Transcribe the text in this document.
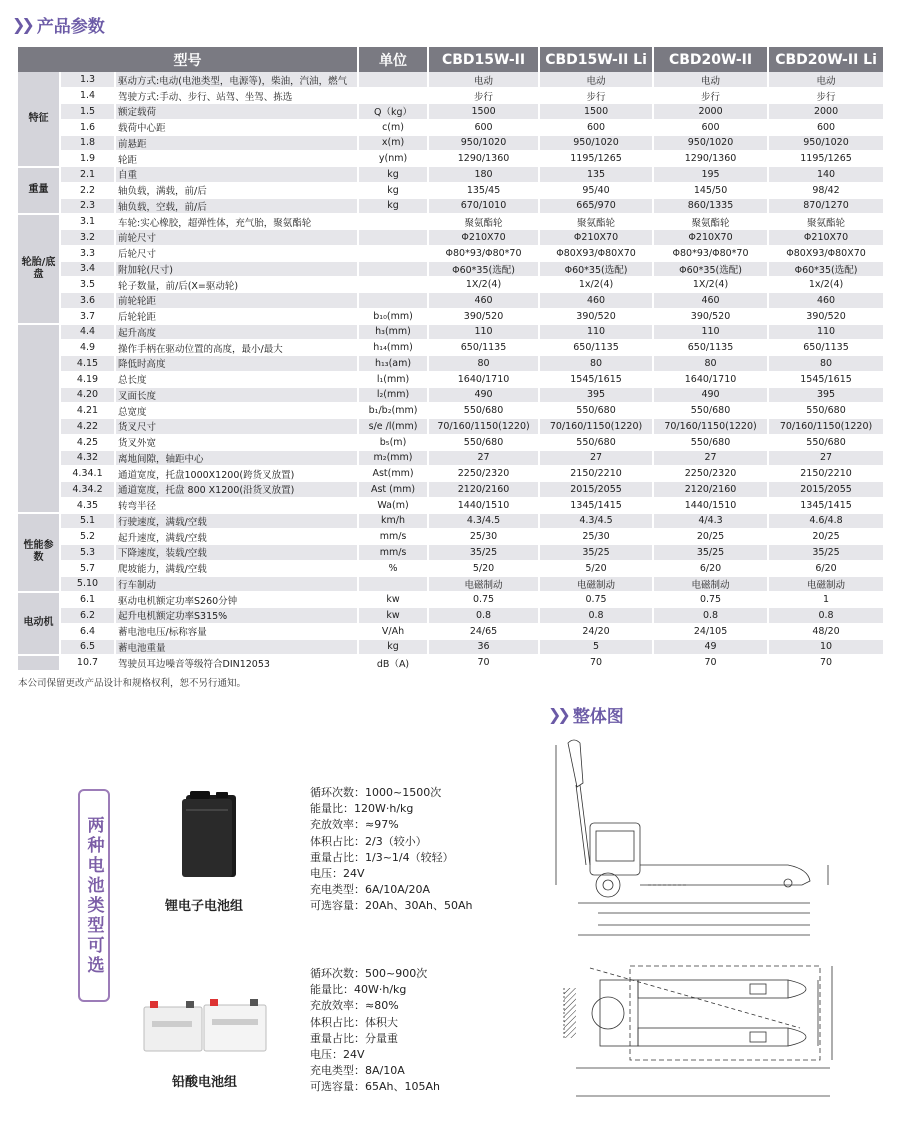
❯❯ 产品参数
型号			单位	CBD15W-II	CBD15W-II Li	CBD20W-II	CBD20W-II Li
特征	1.3	驱动方式:电动(电池类型，电源等)，柴油，汽油，燃气		电动	电动	电动	电动
	1.4	驾驶方式:手动、步行、站驾、坐驾、拣选		步行	步行	步行	步行
	1.5	额定载荷	Q（kg）	1500	1500	2000	2000
	1.6	载荷中心距	c(m)	600	600	600	600
	1.8	前悬距	x(m)	950/1020	950/1020	950/1020	950/1020
	1.9	轮距	y(nm)	1290/1360	1195/1265	1290/1360	1195/1265
重量	2.1	自重	kg	180	135	195	140
	2.2	轴负载，满载，前/后	kg	135/45	95/40	145/50	98/42
	2.3	轴负载，空载，前/后	kg	670/1010	665/970	860/1335	870/1270
轮胎/底盘	3.1	车轮:实心橡胶，超弹性体，充气胎，聚氨酯轮		聚氨酯轮	聚氨酯轮	聚氨酯轮	聚氨酯轮
	3.2	前轮尺寸		Φ210X70	Φ210X70	Φ210X70	Φ210X70
	3.3	后轮尺寸		Φ80*93/Φ80*70	Φ80X93/Φ80X70	Φ80*93/Φ80*70	Φ80X93/Φ80X70
	3.4	附加轮(尺寸)		Φ60*35(选配)	Φ60*35(选配)	Φ60*35(选配)	Φ60*35(选配)
	3.5	轮子数量，前/后(X=驱动轮)		1X/2(4)	1x/2(4)	1X/2(4)	1x/2(4)
	3.6	前轮轮距		460	460	460	460
	3.7	后轮轮距	b₁₀(mm)	390/520	390/520	390/520	390/520
	4.4	起升高度	h₃(mm)	110	110	110	110
	4.9	操作手柄在驱动位置的高度，最小/最大	h₁₄(mm)	650/1135	650/1135	650/1135	650/1135
	4.15	降低时高度	h₁₃(am)	80	80	80	80
	4.19	总长度	l₁(mm)	1640/1710	1545/1615	1640/1710	1545/1615
	4.20	叉面长度	l₂(mm)	490	395	490	395
	4.21	总宽度	b₁/b₂(mm)	550/680	550/680	550/680	550/680
	4.22	货叉尺寸	s/e /l(mm)	70/160/1150(1220)	70/160/1150(1220)	70/160/1150(1220)	70/160/1150(1220)
	4.25	货叉外宽	b₅(m)	550/680	550/680	550/680	550/680
	4.32	离地间隙，轴距中心	m₂(mm)	27	27	27	27
	4.34.1	通道宽度，托盘1000X1200(跨货叉放置)	Ast(mm)	2250/2320	2150/2210	2250/2320	2150/2210
	4.34.2	通道宽度，托盘 800 X1200(沿货叉放置)	Ast (mm)	2120/2160	2015/2055	2120/2160	2015/2055
	4.35	转弯半径	Wa(m)	1440/1510	1345/1415	1440/1510	1345/1415
性能参数	5.1	行驶速度，满载/空载	km/h	4.3/4.5	4.3/4.5	4/4.3	4.6/4.8
	5.2	起升速度，满载/空载	mm/s	25/30	25/30	20/25	20/25
	5.3	下降速度，装载/空载	mm/s	35/25	35/25	35/25	35/25
	5.7	爬坡能力，满载/空载	%	5/20	5/20	6/20	6/20
	5.10	行车制动		电磁制动	电磁制动	电磁制动	电磁制动
电动机	6.1	驱动电机额定功率S260分钟	kw	0.75	0.75	0.75	1
	6.2	起升电机额定功率S315%	kw	0.8	0.8	0.8	0.8
	6.4	蓄电池电压/标称容量	V/Ah	24/65	24/20	24/105	48/20
	6.5	蓄电池重量	kg	36	5	49	10
	10.7	驾驶员耳边噪音等级符合DIN12053	dB（A)	70	70	70	70
本公司保留更改产品设计和规格权利，恕不另行通知。
❯❯ 整体图
两种电池类型可选	锂电子电池组
循环次数：1000~1500次
能量比：120W·h/kg
充放效率：≈97%
体积占比：2/3（较小）
重量占比：1/3~1/4（较轻）
电压：24V
充电类型：6A/10A/20A
可选容量：20Ah、30Ah、50Ah
铅酸电池组
循环次数：500~900次
能量比：40W·h/kg
充放效率：≈80%
体积占比：体积大
重量占比：分量重
电压：24V
充电类型：8A/10A
可选容量：65Ah、105Ah
